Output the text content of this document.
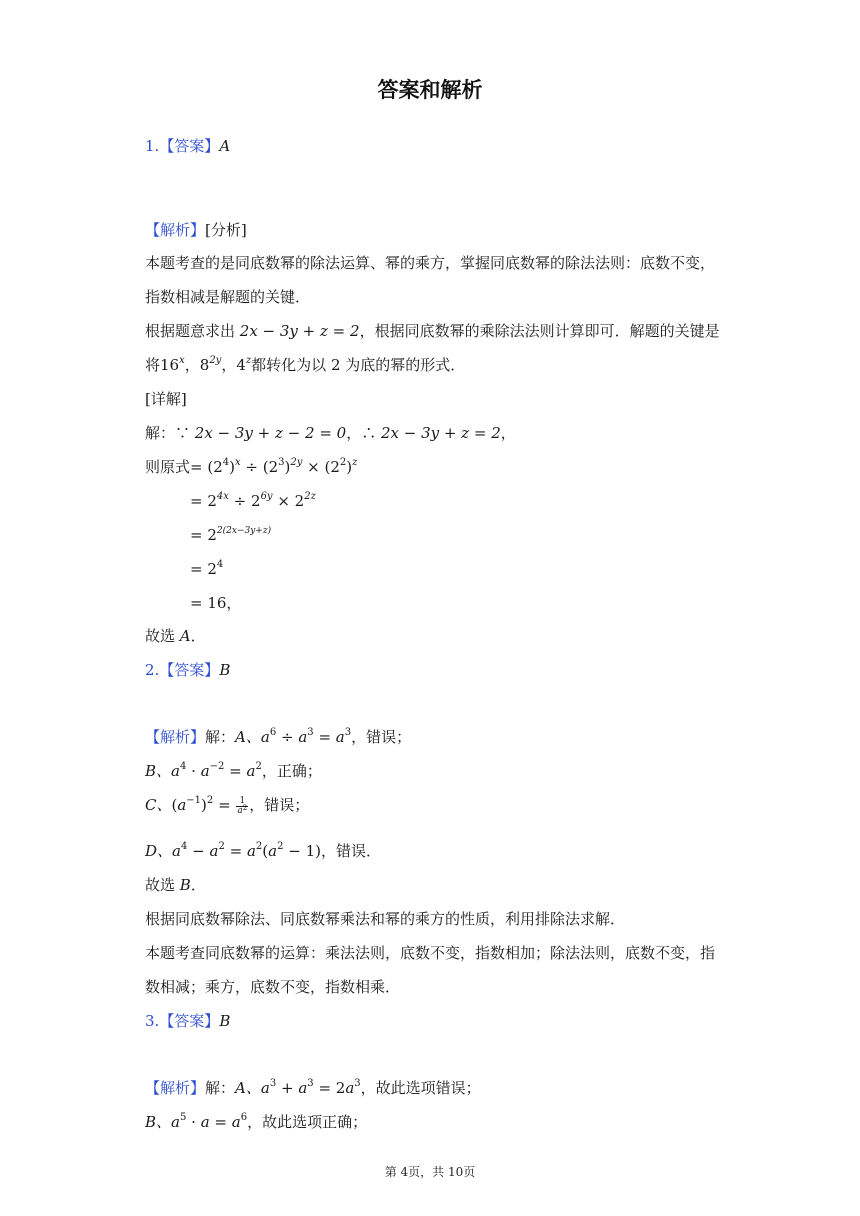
答案和解析
1.【答案】A
【解析】[分析]
本题考查的是同底数幂的除法运算、幂的乘方，掌握同底数幂的除法法则：底数不变，
指数相减是解题的关键．
根据题意求出 2x − 3y + z = 2，根据同底数幂的乘除法法则计算即可．解题的关键是
将16$^x$，$8^{2y}$，4$^z$都转化为以 2 为底的幂的形式．
[详解]
解：∵ 2x − 3y + z − 2 = 0，∴ 2x − 3y + z = 2，
则原式= $(2^4)^x \div (2^3)^{2y} \times (2^2)^z$
= $2^{4x} \div 2^{6y} \times 2^{2z}$
= $2^{2(2x-3y+z)}$
= $2^4$
= 16，
故选 A．
2.【答案】B
【解析】解：A、$a^6 \div a^3 = a^3$，错误；
B、$a^4 \cdot a^{-2} = a^2$，正确；
C、$(a^{-1})^2 = \frac{1}{a^2}$ ，错误；
D、$a^4 - a^2 = a^2(a^2 - 1)$，错误．
故选 B．
根据同底数幂除法、同底数幂乘法和幂的乘方的性质，利用排除法求解．
本题考查同底数幂的运算：乘法法则，底数不变，指数相加；除法法则，底数不变，指
数相减；乘方，底数不变，指数相乘．
3.【答案】B
【解析】解：A、$a^3 + a^3 = 2a^3$，故此选项错误；
B、$a^5 \cdot a = a^6$，故此选项正确；
第 4页，共 10页
